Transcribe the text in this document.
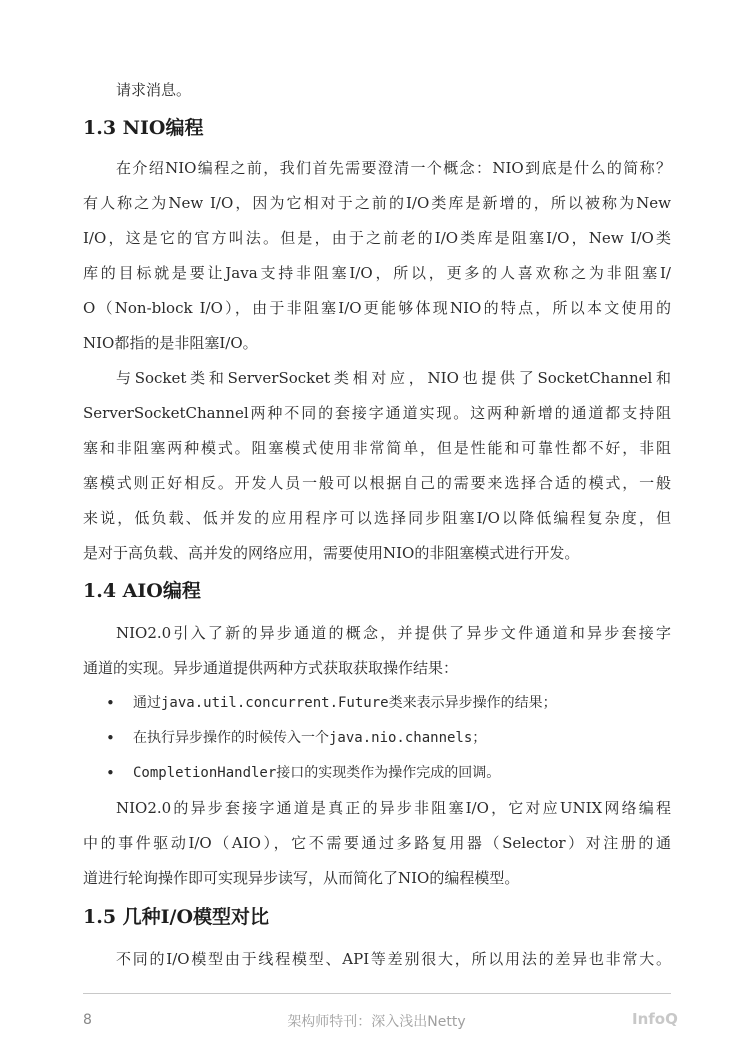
请求消息。
1.3 NIO编程
在介绍NIO编程之前，我们首先需要澄清一个概念：NIO到底是什么的简称？
有人称之为New I/O，因为它相对于之前的I/O类库是新增的，所以被称为New
I/O，这是它的官方叫法。但是，由于之前老的I/O类库是阻塞I/O，New I/O类
库的目标就是要让Java支持非阻塞I/O，所以，更多的人喜欢称之为非阻塞I/
O（Non-block I/O），由于非阻塞I/O更能够体现NIO的特点，所以本文使用的
NIO都指的是非阻塞I/O。
与Socket类和ServerSocket类相对应，NIO也提供了SocketChannel和
ServerSocketChannel两种不同的套接字通道实现。这两种新增的通道都支持阻
塞和非阻塞两种模式。阻塞模式使用非常简单，但是性能和可靠性都不好，非阻
塞模式则正好相反。开发人员一般可以根据自己的需要来选择合适的模式，一般
来说，低负载、低并发的应用程序可以选择同步阻塞I/O以降低编程复杂度，但
是对于高负载、高并发的网络应用，需要使用NIO的非阻塞模式进行开发。
1.4 AIO编程
NIO2.0引入了新的异步通道的概念，并提供了异步文件通道和异步套接字
通道的实现。异步通道提供两种方式获取获取操作结果：
• 通过java.util.concurrent.Future类来表示异步操作的结果；
• 在执行异步操作的时候传入一个java.nio.channels；
• CompletionHandler接口的实现类作为操作完成的回调。
NIO2.0的异步套接字通道是真正的异步非阻塞I/O，它对应UNIX网络编程
中的事件驱动I/O（AIO），它不需要通过多路复用器（Selector）对注册的通
道进行轮询操作即可实现异步读写，从而简化了NIO的编程模型。
1.5 几种I/O模型对比
不同的I/O模型由于线程模型、API等差别很大，所以用法的差异也非常大。
8	架构师特刊：深入浅出Netty	InfoQ
